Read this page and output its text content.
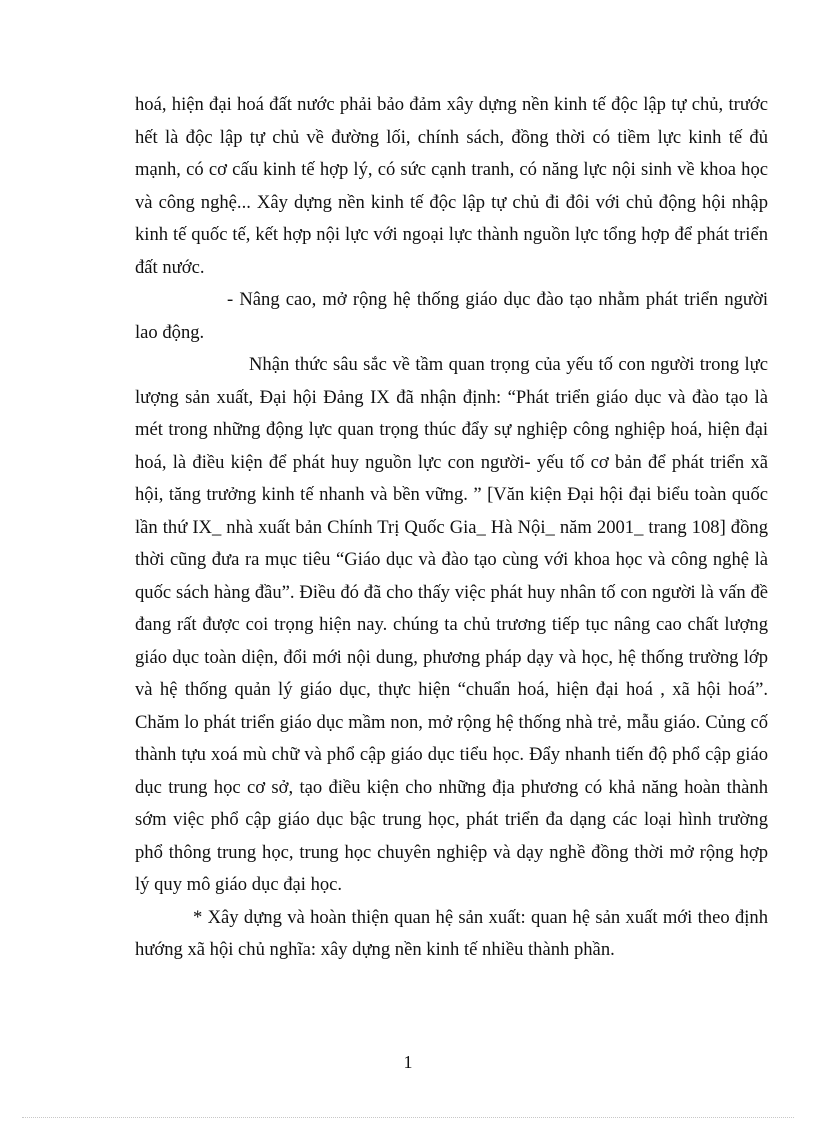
hoá, hiện đại hoá đất nước phải bảo đảm xây dựng nền kinh tế độc lập tự chủ, trước hết là độc lập tự chủ về đường lối, chính sách, đồng thời có tiềm lực kinh tế đủ mạnh, có cơ cấu kinh tế hợp lý, có sức cạnh tranh, có năng lực nội sinh về khoa học và công nghệ... Xây dựng nền kinh tế độc lập tự chủ đi đôi với chủ động hội nhập kinh tế quốc tế, kết hợp nội lực với ngoại lực thành nguồn lực tổng hợp để phát triển đất nước.

- Nâng cao, mở rộng hệ thống giáo dục đào tạo nhằm phát triển người lao động.

Nhận thức sâu sắc về tầm quan trọng của yếu tố con người trong lực lượng sản xuất, Đại hội Đảng IX đã nhận định: “Phát triển giáo dục và đào tạo là mét trong những động lực quan trọng thúc đẩy sự nghiệp công nghiệp hoá, hiện đại hoá, là điều kiện để phát huy nguồn lực con người- yếu tố cơ bản để phát triển xã hội, tăng trưởng kinh tế nhanh và bền vững. ” [Văn kiện Đại hội đại biểu toàn quốc lần thứ IX_ nhà xuất bản Chính Trị Quốc Gia_ Hà Nội_ năm 2001_ trang 108] đồng thời cũng đưa ra mục tiêu “Giáo dục và đào tạo cùng với khoa học và công nghệ là quốc sách hàng đầu”. Điều đó đã cho thấy việc phát huy nhân tố con người là vấn đề đang rất được coi trọng hiện nay. chúng ta chủ trương tiếp tục nâng cao chất lượng giáo dục toàn diện, đổi mới nội dung, phương pháp dạy và học, hệ thống trường lớp và hệ thống quản lý giáo dục, thực hiện “chuẩn hoá, hiện đại hoá , xã hội hoá”. Chăm lo phát triển giáo dục mầm non, mở rộng hệ thống nhà trẻ, mẫu giáo. Củng cố thành tựu xoá mù chữ và phổ cập giáo dục tiểu học. Đẩy nhanh tiến độ phổ cập giáo dục trung học cơ sở, tạo điều kiện cho những địa phương có khả năng hoàn thành sớm việc phổ cập giáo dục bậc trung học, phát triển đa dạng các loại hình trường phổ thông trung học, trung học chuyên nghiệp và dạy nghề đồng thời mở rộng hợp lý quy mô giáo dục đại học.

* Xây dựng và hoàn thiện quan hệ sản xuất: quan hệ sản xuất mới theo định hướng xã hội chủ nghĩa: xây dựng nền kinh tế nhiều thành phần.

1
